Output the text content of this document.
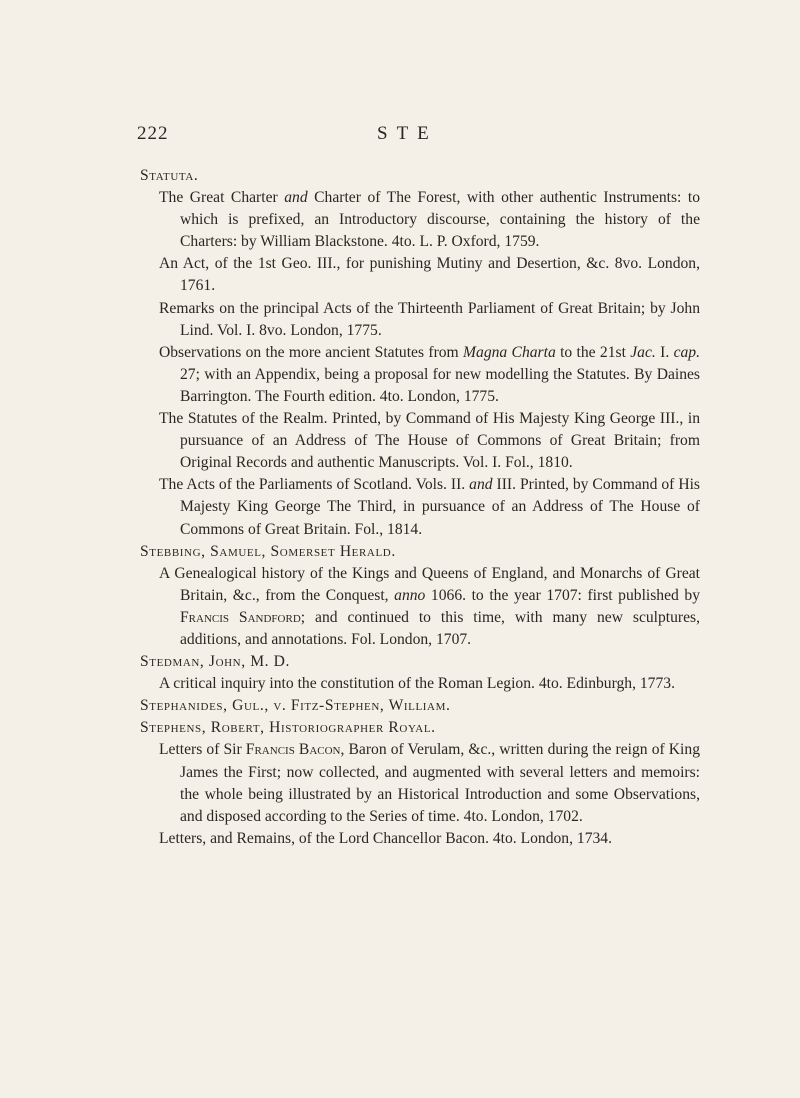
222	STE

Statuta.

The Great Charter and Charter of The Forest, with other authentic Instruments: to which is prefixed, an Introductory discourse, containing the history of the Charters: by William Blackstone. 4to. L. P. Oxford, 1759.

An Act, of the 1st Geo. III., for punishing Mutiny and Desertion, &c. 8vo. London, 1761.

Remarks on the principal Acts of the Thirteenth Parliament of Great Britain; by John Lind. Vol. I. 8vo. London, 1775.

Observations on the more ancient Statutes from Magna Charta to the 21st Jac. I. cap. 27; with an Appendix, being a proposal for new modelling the Statutes. By Daines Barrington. The Fourth edition. 4to. London, 1775.

The Statutes of the Realm. Printed, by Command of His Majesty King George III., in pursuance of an Address of The House of Commons of Great Britain; from Original Records and authentic Manuscripts. Vol. I. Fol., 1810.

The Acts of the Parliaments of Scotland. Vols. II. and III. Printed, by Command of His Majesty King George The Third, in pursuance of an Address of The House of Commons of Great Britain. Fol., 1814.

Stebbing, Samuel, Somerset Herald.

A Genealogical history of the Kings and Queens of England, and Monarchs of Great Britain, &c., from the Conquest, anno 1066. to the year 1707: first published by Francis Sandford; and continued to this time, with many new sculptures, additions, and annotations. Fol. London, 1707.

Stedman, John, M. D.

A critical inquiry into the constitution of the Roman Legion. 4to. Edinburgh, 1773.

Stephanides, Gul., v. Fitz-Stephen, William.

Stephens, Robert, Historiographer Royal.

Letters of Sir Francis Bacon, Baron of Verulam, &c., written during the reign of King James the First; now collected, and augmented with several letters and memoirs: the whole being illustrated by an Historical Introduction and some Observations, and disposed according to the Series of time. 4to. London, 1702.

Letters, and Remains, of the Lord Chancellor Bacon. 4to. London, 1734.
